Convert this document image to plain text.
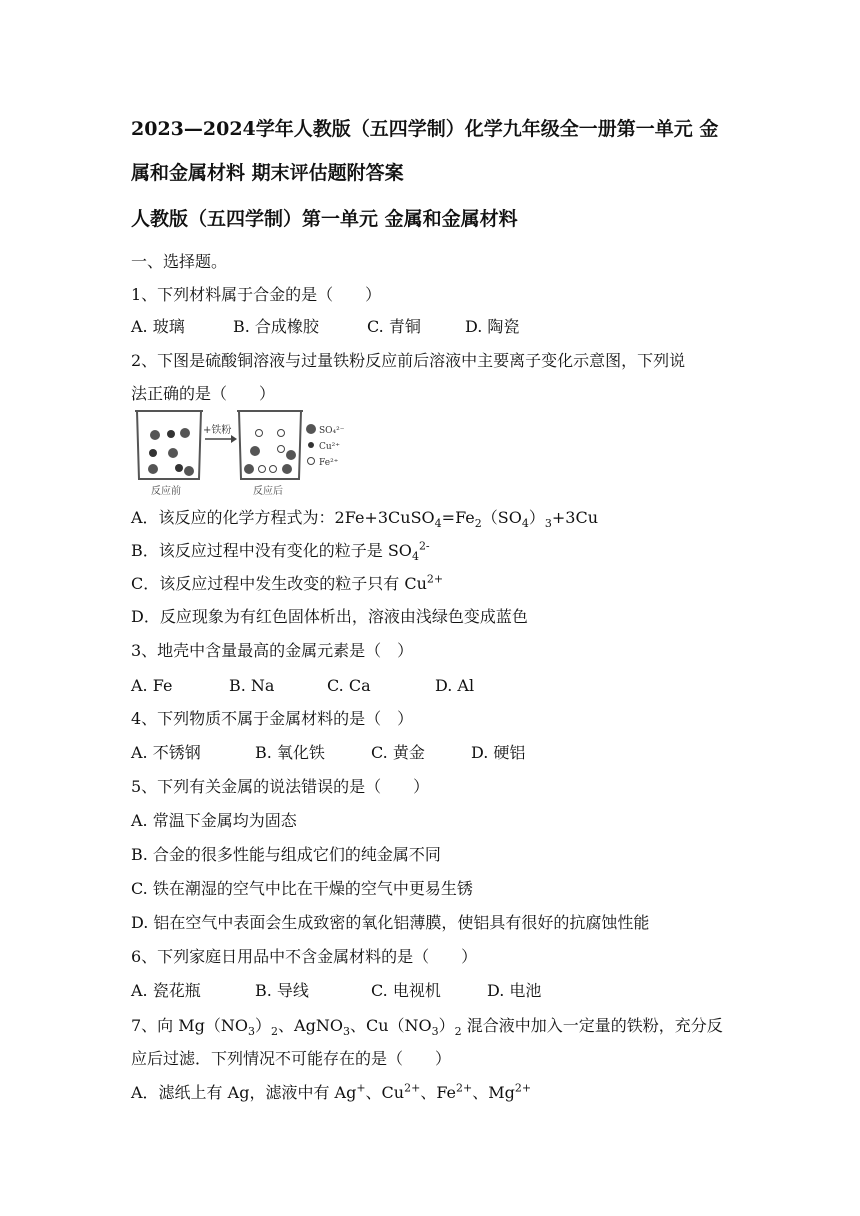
2023—2024学年人教版（五四学制）化学九年级全一册第一单元 金
属和金属材料 期末评估题附答案
人教版（五四学制）第一单元 金属和金属材料
一、选择题。
1、下列材料属于合金的是（　　）
A. 玻璃	B. 合成橡胶	C. 青铜	D. 陶瓷
2、下图是硫酸铜溶液与过量铁粉反应前后溶液中主要离子变化示意图，下列说
法正确的是（　　）
反应前
+铁粉
反应后
SO₄²⁻
Cu²⁺
Fe²⁺
A．该反应的化学方程式为：$2Fe+3CuSO_4=Fe_2(SO_4)_3+3Cu$
B．该反应过程中没有变化的粒子是 $SO_4^{2-}$
C．该反应过程中发生改变的粒子只有 $Cu^{2+}$
D．反应现象为有红色固体析出，溶液由浅绿色变成蓝色
3、地壳中含量最高的金属元素是（　）
A. Fe	B. Na	C. Ca	D. Al
4、下列物质不属于金属材料的是（　）
A. 不锈钢	B. 氧化铁	C. 黄金	D. 硬铝
5、下列有关金属的说法错误的是（　　）
A. 常温下金属均为固态
B. 合金的很多性能与组成它们的纯金属不同
C. 铁在潮湿的空气中比在干燥的空气中更易生锈
D. 铝在空气中表面会生成致密的氧化铝薄膜，使铝具有很好的抗腐蚀性能
6、下列家庭日用品中不含金属材料的是（　　）
A. 瓷花瓶	B. 导线	C. 电视机	D. 电池
7、向 $Mg(NO_3)_2$、AgNO$_3$、$Cu(NO_3)_2$ 混合液中加入一定量的铁粉，充分反
应后过滤．下列情况不可能存在的是（　　）
A．滤纸上有 Ag，滤液中有 Ag+、$Cu^{2+}$、$Fe^{2+}$、$Mg^{2+}$
